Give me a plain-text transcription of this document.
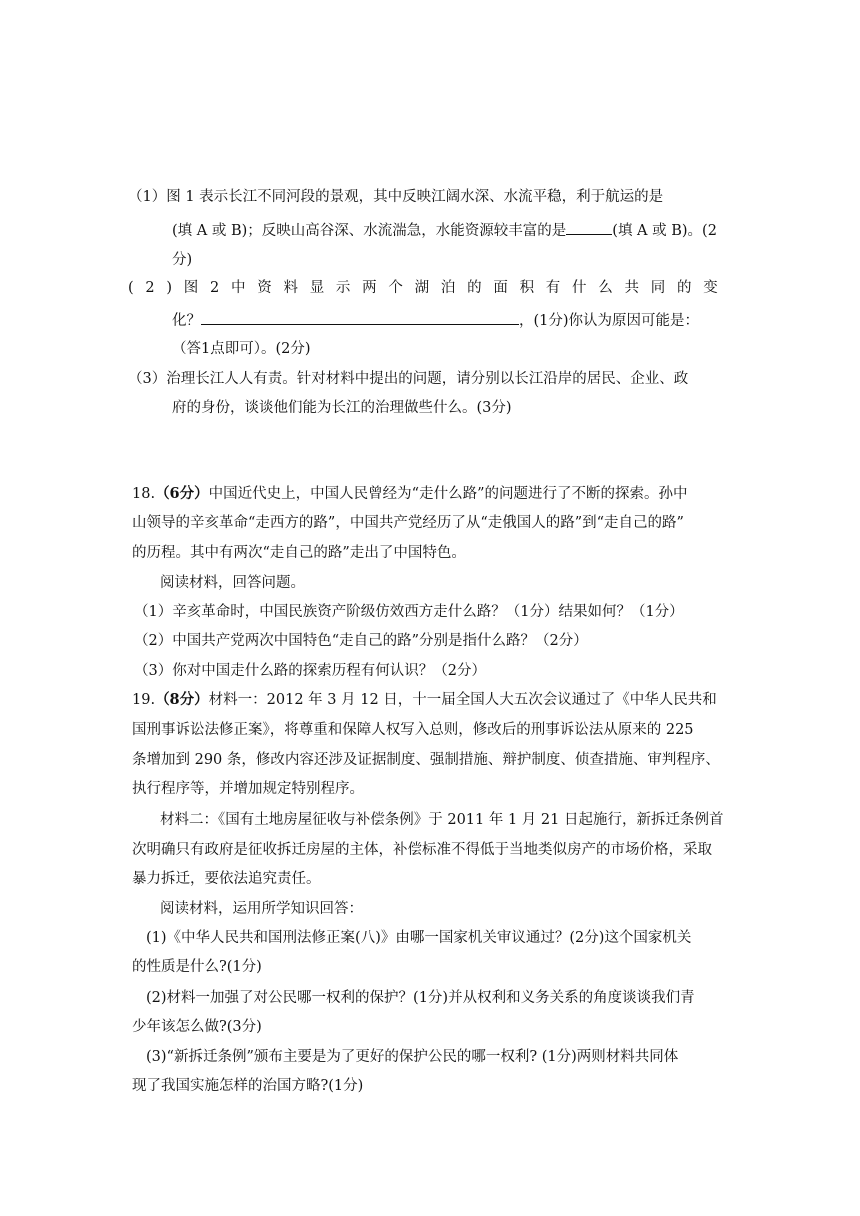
（1）图 1 表示长江不同河段的景观，其中反映江阔水深、水流平稳，利于航运的是
(填 A 或 B)；反映山高谷深、水流湍急，水能资源较丰富的是	(填 A 或 B)。(2
分)
( 2 ) 图 2 中 资 料 显 示 两 个 湖 泊 的 面 积 有 什 么 共 同 的 变
化？	，(1分)你认为原因可能是：
（答1点即可）。(2分)
（3）治理长江人人有责。针对材料中提出的问题，请分别以长江沿岸的居民、企业、政
府的身份，谈谈他们能为长江的治理做些什么。(3分)
18.（6分）中国近代史上，中国人民曾经为“走什么路”的问题进行了不断的探索。孙中
山领导的辛亥革命“走西方的路”，中国共产党经历了从“走俄国人的路”到“走自己的路”
的历程。其中有两次“走自己的路”走出了中国特色。
阅读材料，回答问题。
（1）辛亥革命时，中国民族资产阶级仿效西方走什么路？（1分）结果如何？（1分）
（2）中国共产党两次中国特色“走自己的路”分别是指什么路？（2分）
（3）你对中国走什么路的探索历程有何认识？（2分）
19.（8分）材料一：2012 年 3 月 12 日，十一届全国人大五次会议通过了《中华人民共和
国刑事诉讼法修正案》，将尊重和保障人权写入总则，修改后的刑事诉讼法从原来的 225
条增加到 290 条，修改内容还涉及证据制度、强制措施、辩护制度、侦查措施、审判程序、
执行程序等，并增加规定特别程序。
材料二：《国有土地房屋征收与补偿条例》于 2011 年 1 月 21 日起施行，新拆迁条例首
次明确只有政府是征收拆迁房屋的主体，补偿标准不得低于当地类似房产的市场价格，采取
暴力拆迁，要依法追究责任。
阅读材料，运用所学知识回答：
(1)《中华人民共和国刑法修正案(八)》由哪一国家机关审议通过？(2分)这个国家机关
的性质是什么?(1分)
(2)材料一加强了对公民哪一权利的保护？(1分)并从权利和义务关系的角度谈谈我们青
少年该怎么做?(3分)
(3)“新拆迁条例”颁布主要是为了更好的保护公民的哪一权利? (1分)两则材料共同体
现了我国实施怎样的治国方略?(1分)
